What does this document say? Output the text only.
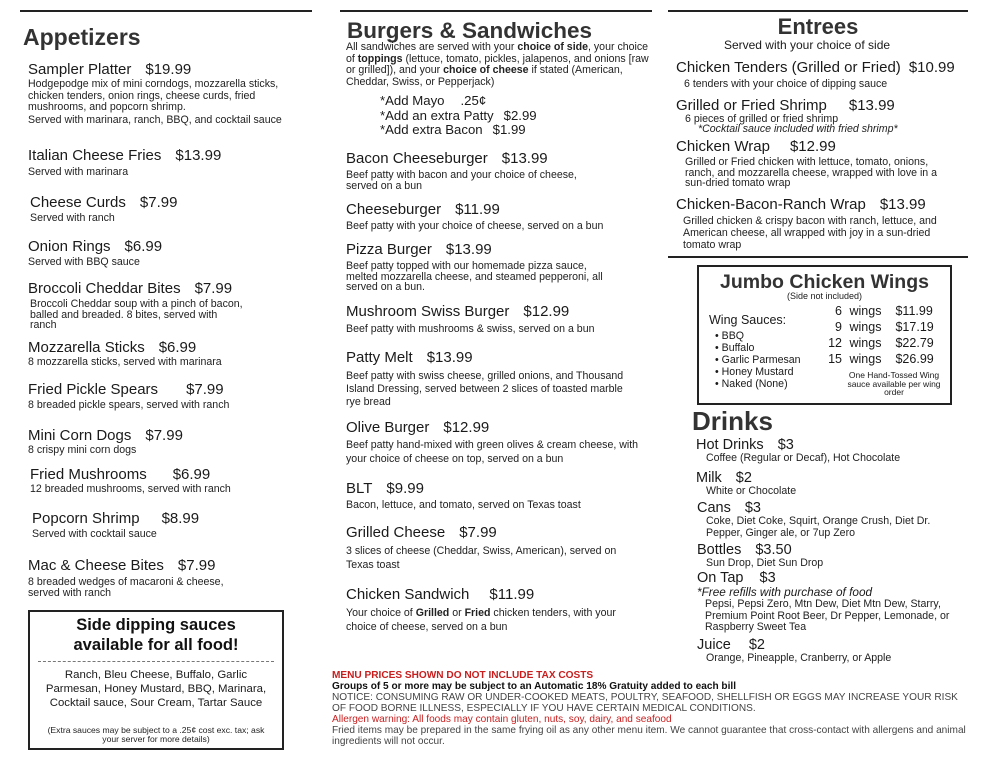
Appetizers
Sampler Platter $19.99
Hodgepodge mix of mini corndogs, mozzarella sticks, chicken tenders, onion rings, cheese curds, fried mushrooms, and popcorn shrimp.
Served with marinara, ranch, BBQ, and cocktail sauce
Italian Cheese Fries $13.99
Served with marinara
Cheese Curds $7.99
Served with ranch
Onion Rings $6.99
Served with BBQ sauce
Broccoli Cheddar Bites $7.99
Broccoli Cheddar soup with a pinch of bacon, balled and breaded. 8 bites, served with ranch
Mozzarella Sticks $6.99
8 mozzarella sticks, served with marinara
Fried Pickle Spears $7.99
8 breaded pickle spears, served with ranch
Mini Corn Dogs $7.99
8 crispy mini corn dogs
Fried Mushrooms $6.99
12 breaded mushrooms, served with ranch
Popcorn Shrimp $8.99
Served with cocktail sauce
Mac & Cheese Bites $7.99
8 breaded wedges of macaroni & cheese, served with ranch
Side dipping sauces available for all food!
Ranch, Bleu Cheese, Buffalo, Garlic Parmesan, Honey Mustard, BBQ, Marinara, Cocktail sauce, Sour Cream, Tartar Sauce
(Extra sauces may be subject to a .25¢ cost exc. tax; ask your server for more details)
Burgers & Sandwiches
All sandwiches are served with your choice of side, your choice of toppings (lettuce, tomato, pickles, jalapenos, and onions [raw or grilled]), and your choice of cheese if stated (American, Cheddar, Swiss, or Pepperjack)
*Add Mayo .25¢
*Add an extra Patty $2.99
*Add extra Bacon $1.99
Bacon Cheeseburger $13.99
Beef patty with bacon and your choice of cheese, served on a bun
Cheeseburger $11.99
Beef patty with your choice of cheese, served on a bun
Pizza Burger $13.99
Beef patty topped with our homemade pizza sauce, melted mozzarella cheese, and steamed pepperoni, all served on a bun.
Mushroom Swiss Burger $12.99
Beef patty with mushrooms & swiss, served on a bun
Patty Melt $13.99
Beef patty with swiss cheese, grilled onions, and Thousand Island Dressing, served between 2 slices of toasted marble rye bread
Olive Burger $12.99
Beef patty hand-mixed with green olives & cream cheese, with your choice of cheese on top, served on a bun
BLT $9.99
Bacon, lettuce, and tomato, served on Texas toast
Grilled Cheese $7.99
3 slices of cheese (Cheddar, Swiss, American), served on Texas toast
Chicken Sandwich $11.99
Your choice of Grilled or Fried chicken tenders, with your choice of cheese, served on a bun
Entrees
Served with your choice of side
Chicken Tenders (Grilled or Fried) $10.99
6 tenders with your choice of dipping sauce
Grilled or Fried Shrimp $13.99
6 pieces of grilled or fried shrimp
*Cocktail sauce included with fried shrimp*
Chicken Wrap $12.99
Grilled or Fried chicken with lettuce, tomato, onions, ranch, and mozzarella cheese, wrapped with love in a sun-dried tomato wrap
Chicken-Bacon-Ranch Wrap $13.99
Grilled chicken & crispy bacon with ranch, lettuce, and American cheese, all wrapped with joy in a sun-dried tomato wrap
Jumbo Chicken Wings
(Side not included)
Wing Sauces:
• BBQ
• Buffalo
• Garlic Parmesan
• Honey Mustard
• Naked (None)
6 wings $11.99
9 wings $17.19
12 wings $22.79
15 wings $26.99
One Hand-Tossed Wing sauce available per wing order
Drinks
Hot Drinks $3
Coffee (Regular or Decaf), Hot Chocolate
Milk $2
White or Chocolate
Cans $3
Coke, Diet Coke, Squirt, Orange Crush, Diet Dr. Pepper, Ginger ale, or 7up Zero
Bottles $3.50
Sun Drop, Diet Sun Drop
On Tap $3
*Free refills with purchase of food
Pepsi, Pepsi Zero, Mtn Dew, Diet Mtn Dew, Starry, Premium Point Root Beer, Dr Pepper, Lemonade, or Raspberry Sweet Tea
Juice $2
Orange, Pineapple, Cranberry, or Apple
MENU PRICES SHOWN DO NOT INCLUDE TAX COSTS
Groups of 5 or more may be subject to an Automatic 18% Gratuity added to each bill
NOTICE: CONSUMING RAW OR UNDER-COOKED MEATS, POULTRY, SEAFOOD, SHELLFISH OR EGGS MAY INCREASE YOUR RISK OF FOOD BORNE ILLNESS, ESPECIALLY IF YOU HAVE CERTAIN MEDICAL CONDITIONS.
Allergen warning: All foods may contain gluten, nuts, soy, dairy, and seafood
Fried items may be prepared in the same frying oil as any other menu item. We cannot guarantee that cross-contact with allergens and animal ingredients will not occur.
